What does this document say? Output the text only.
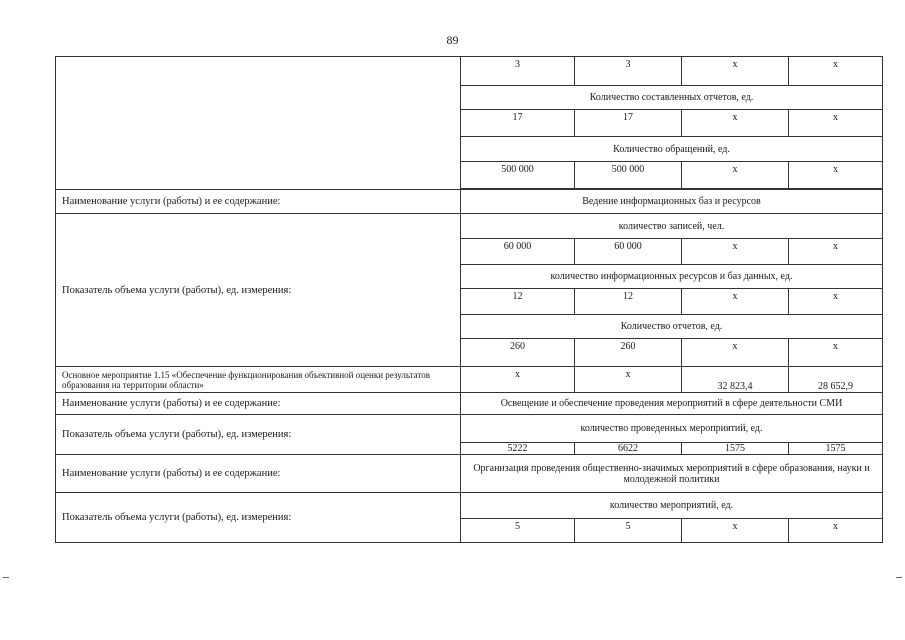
89
	3	3	х	х
	Количество составленных отчетов, ед.			
	17	17	х	х
	Количество обращений, ед.			
	500 000	500 000	х	х

Наименование услуги (работы) и ее содержание:	Ведение информационных баз и ресурсов			
Показатель объема услуги (работы), ед. измерения:	количество записей, чел.			
	60 000	60 000	х	х
	количество информационных ресурсов и баз данных, ед.			
	12	12	х	х
	Количество отчетов, ед.			
	260	260	х	х
Основное мероприятие 1.15 «Обеспечение функционирования объективной оценки результатов образования на территории области»	х	х	32 823,4	28 652,9
Наименование услуги (работы) и ее содержание:	Освещение и обеспечение проведения мероприятий в сфере деятельности СМИ			
Показатель объема услуги (работы), ед. измерения:	количество проведенных мероприятий, ед.			
	5222	6622	1575	1575
Наименование услуги (работы) и ее содержание:	Организация проведения общественно-значимых мероприятий в сфере образования, науки и молодежной политики			
Показатель объема услуги (работы), ед. измерения:	количество мероприятий, ед.			
	5	5	х	х
